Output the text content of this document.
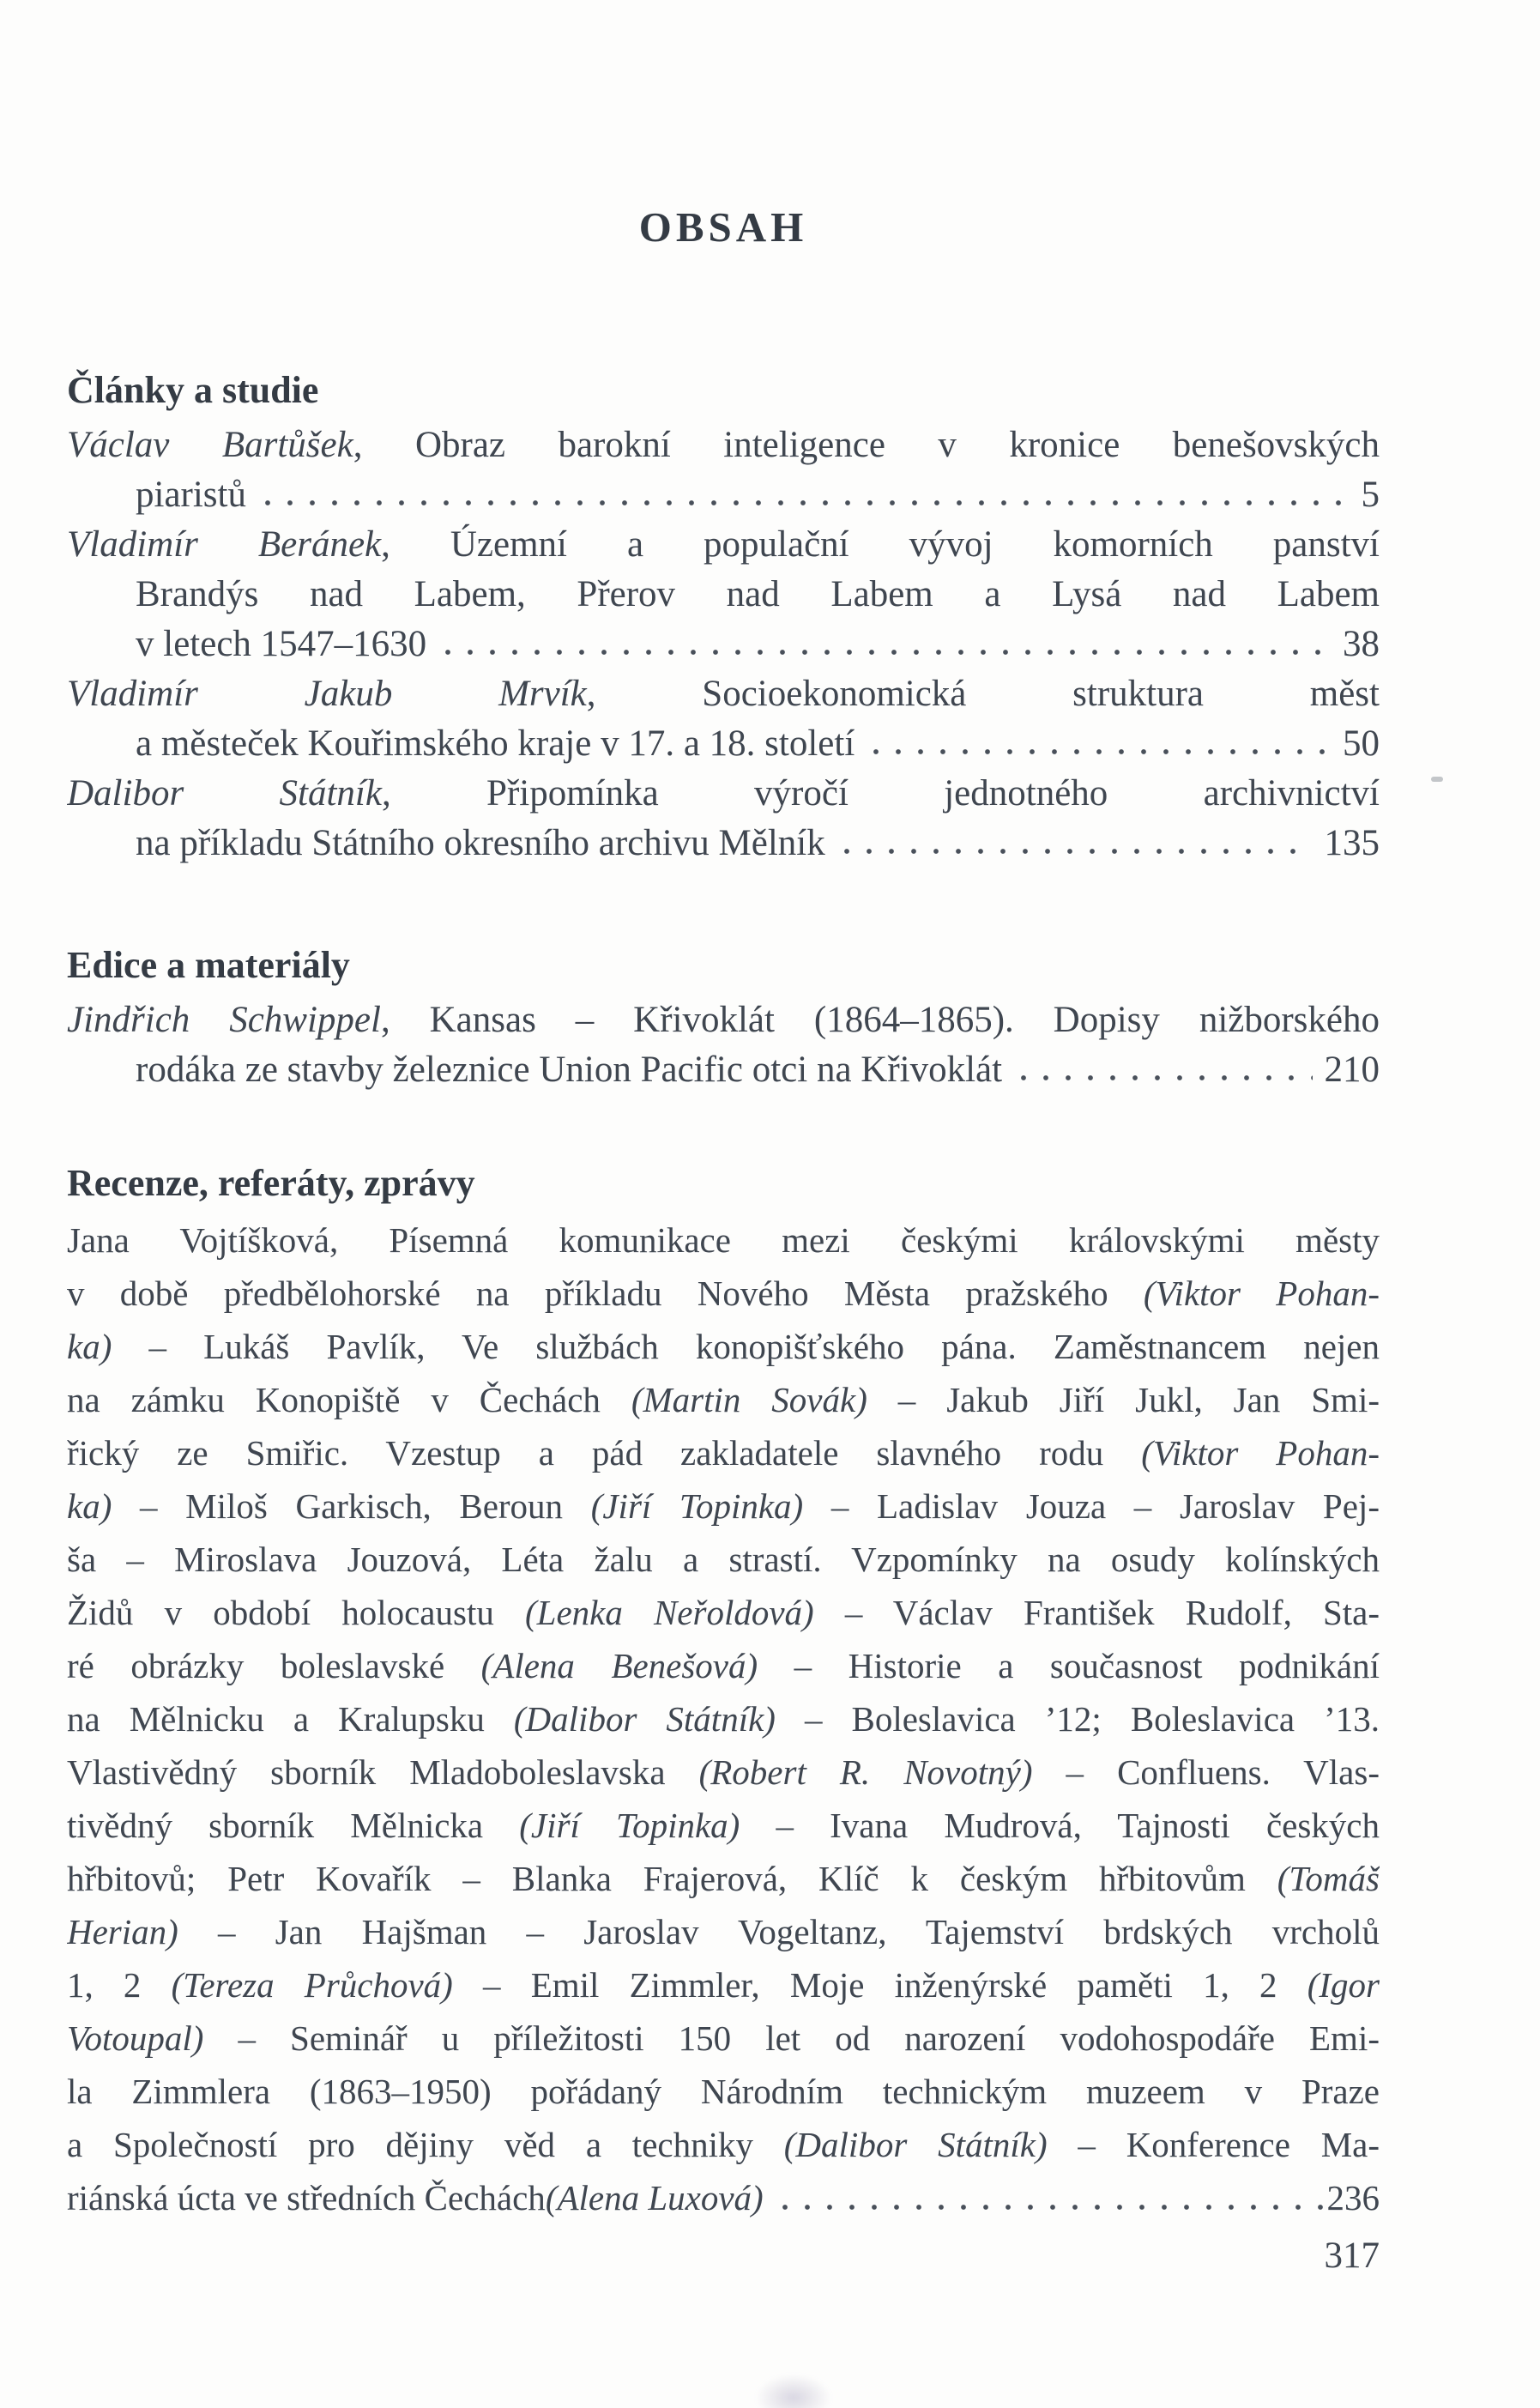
OBSAH
Články a studie
Václav Bartůšek, Obraz barokní inteligence v kronice benešovských
piaristů	5
Vladimír Beránek, Územní a populační vývoj komorních panství
Brandýs nad Labem, Přerov nad Labem a Lysá nad Labem
v letech 1547–1630	38
Vladimír Jakub Mrvík, Socioekonomická struktura měst
a městeček Kouřimského kraje v 17. a 18. století	50
Dalibor Státník, Připomínka výročí jednotného archivnictví
na příkladu Státního okresního archivu Mělník	135
Edice a materiály
Jindřich Schwippel, Kansas – Křivoklát (1864–1865). Dopisy nižborského
rodáka ze stavby železnice Union Pacific otci na Křivoklát	210
Recenze, referáty, zprávy
Jana Vojtíšková, Písemná komunikace mezi českými královskými městy
v době předbělohorské na příkladu Nového Města pražského (Viktor Pohan-
ka) – Lukáš Pavlík, Ve službách konopišťského pána. Zaměstnancem nejen
na zámku Konopiště v Čechách (Martin Sovák) – Jakub Jiří Jukl, Jan Smi-
řický ze Smiřic. Vzestup a pád zakladatele slavného rodu (Viktor Pohan-
ka) – Miloš Garkisch, Beroun (Jiří Topinka) – Ladislav Jouza – Jaroslav Pej-
ša – Miroslava Jouzová, Léta žalu a strastí. Vzpomínky na osudy kolínských
Židů v období holocaustu (Lenka Neřoldová) – Václav František Rudolf, Sta-
ré obrázky boleslavské (Alena Benešová) – Historie a současnost podnikání
na Mělnicku a Kralupsku (Dalibor Státník) – Boleslavica ’12; Boleslavica ’13.
Vlastivědný sborník Mladoboleslavska (Robert R. Novotný) – Confluens. Vlas-
tivědný sborník Mělnicka (Jiří Topinka) – Ivana Mudrová, Tajnosti českých
hřbitovů; Petr Kovařík – Blanka Frajerová, Klíč k českým hřbitovům (Tomáš
Herian) – Jan Hajšman – Jaroslav Vogeltanz, Tajemství brdských vrcholů
1, 2 (Tereza Průchová) – Emil Zimmler, Moje inženýrské paměti 1, 2 (Igor
Votoupal) – Seminář u příležitosti 150 let od narození vodohospodáře Emi-
la Zimmlera (1863–1950) pořádaný Národním technickým muzeem v Praze
a Společností pro dějiny věd a techniky (Dalibor Státník) – Konference Ma-
riánská úcta ve středních Čechách (Alena Luxová)	236
317
